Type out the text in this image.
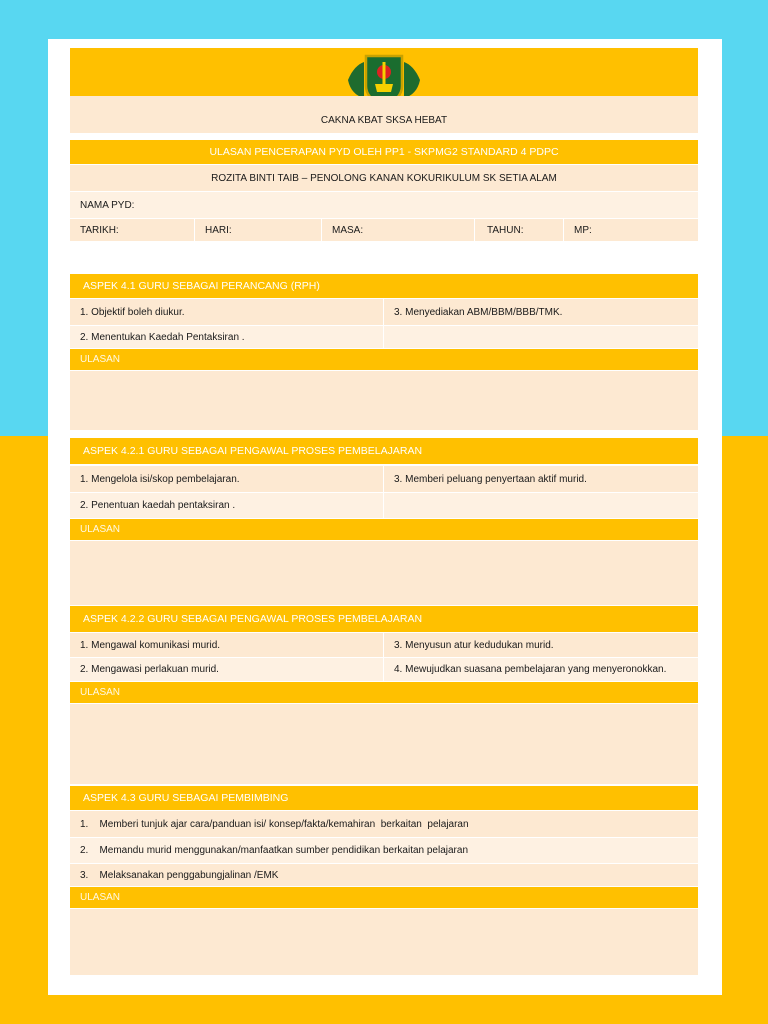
CAKNA KBAT SKSA HEBAT
ULASAN PENCERAPAN PYD OLEH PP1 - SKPMG2 STANDARD 4 PDPC
ROZITA BINTI TAIB – PENOLONG KANAN KOKURIKULUM SK SETIA ALAM
NAMA PYD:
TARIKH:	HARI:	MASA:	TAHUN:	MP:
ASPEK 4.1 GURU SEBAGAI PERANCANG (RPH)
1. Objektif boleh diukur.	3. Menyediakan ABM/BBM/BBB/TMK.
2. Menentukan Kaedah Pentaksiran .
ULASAN
ASPEK 4.2.1 GURU SEBAGAI PENGAWAL PROSES PEMBELAJARAN
1. Mengelola isi/skop pembelajaran.	3. Memberi peluang penyertaan aktif murid.
2. Penentuan kaedah pentaksiran .
ULASAN
ASPEK 4.2.2 GURU SEBAGAI PENGAWAL PROSES PEMBELAJARAN
1. Mengawal komunikasi murid.	3. Menyusun atur kedudukan murid.
2. Mengawasi perlakuan murid.	4. Mewujudkan suasana pembelajaran yang menyeronokkan.
ULASAN
ASPEK 4.3 GURU SEBAGAI PEMBIMBING
1.    Memberi tunjuk ajar cara/panduan isi/ konsep/fakta/kemahiran  berkaitan  pelajaran
2.    Memandu murid menggunakan/manfaatkan sumber pendidikan berkaitan pelajaran
3.    Melaksanakan penggabungjalinan /EMK
ULASAN
